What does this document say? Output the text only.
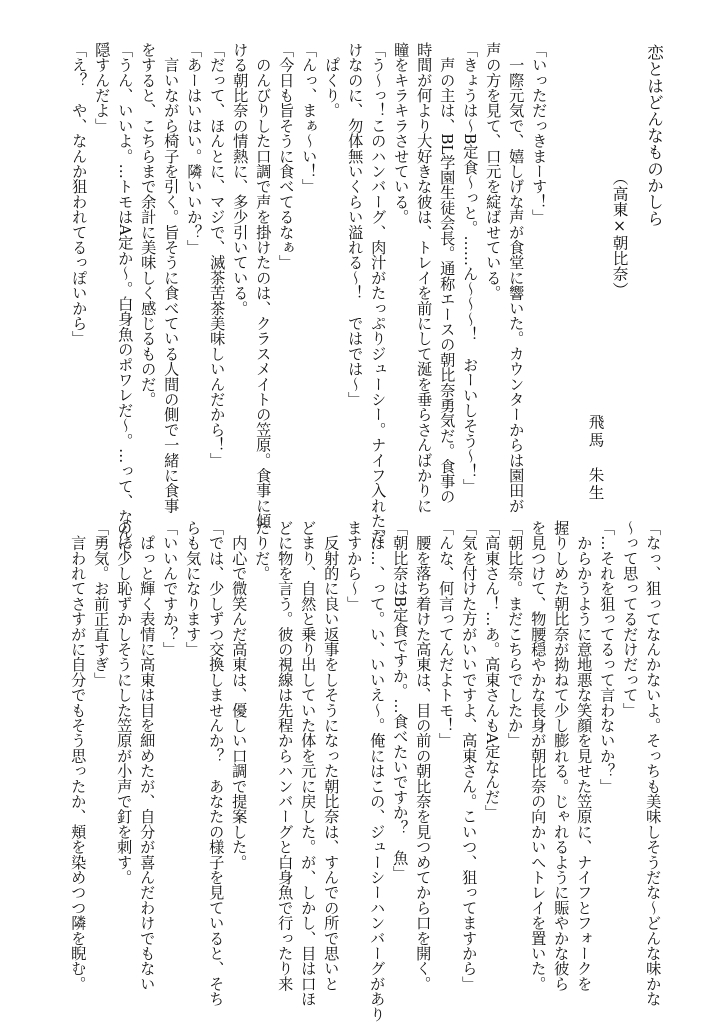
恋とはどんなものかしら
（高東×朝比奈）
飛馬　朱生
「いっただっきまーす！」
　一際元気で、嬉しげな声が食堂に響いた。カウンターからは園田が
声の方を見て、口元を綻ばせている。
「きょうは～B定食～っと。……ん～～～！　おーいしそう～！」
　声の主は、BL学園生徒会長。通称エースの朝比奈勇気だ。食事の
時間が何より大好きな彼は、トレイを前にして涎を垂らさんばかりに
瞳をキラキラさせている。
「う～っ！このハンバーグ、肉汁がたっぷりジューシー。ナイフ入れただ
けなのに、勿体無いくらい溢れる～！　ではでは～」
　ぱくり。
「んっ、まぁ～い！」
「今日も旨そうに食べてるなぁ」
　のんびりした口調で声を掛けたのは、クラスメイトの笠原。食事に傾
ける朝比奈の情熱に、多少引いている。
「だって、ほんとに、マジで、滅茶苦茶美味しいんだから！」
「あーはいはい。隣いいか？」
　言いながら椅子を引く。旨そうに食べている人間の側で一緒に食事
をすると、こちらまで余計に美味しく感じるものだ。
「うん、いいよ。…トモはA定か～。白身魚のポワレだ～。…って、なんで
隠すんだよ」
「え？　や、なんか狙われてるっぽいから」
「なっ、狙ってなんかないよ。そっちも美味しそうだな～どんな味かな
～って思ってるだけだって」
「…それを狙ってるって言わないか？」
　からかうように意地悪な笑顔を見せた笠原に、ナイフとフォークを
握りしめた朝比奈が拗ねて少し膨れる。じゃれるように賑やかな彼ら
を見つけて、物腰穏やかな長身が朝比奈の向かいへトレイを置いた。
「朝比奈。まだこちらでしたか」
「高東さん！…あ。高東さんもA定なんだ」
「気を付けた方がいいですよ、高東さん。こいつ、狙ってますから」
「んな、何言ってんだよトモ！」
　腰を落ち着けた高東は、目の前の朝比奈を見つめてから口を開く。
「朝比奈はB定食ですか。…食べたいですか？　魚」
「は…、って。い、いいえ～。俺にはこの、ジューシーハンバーグがあり
ますから～」
　反射的に良い返事をしそうになった朝比奈は、すんでの所で思いと
どまり、自然と乗り出していた体を元に戻した。が、しかし、目は口ほ
どに物を言う。彼の視線は先程からハンバーグと白身魚で行ったり来
たりだ。
　内心で微笑んだ高東は、優しい口調で提案した。
「では、少しずつ交換しませんか？　あなたの様子を見ていると、そち
らも気になります」
「いいんですか？」
　ぱっと輝く表情に高東は目を細めたが、自分が喜んだわけでもない
のに少し恥ずかしそうにした笠原が小声で釘を刺す。
「勇気。お前正直すぎ」
　言われてさすがに自分でもそう思ったか、頬を染めつつ隣を睨む。
